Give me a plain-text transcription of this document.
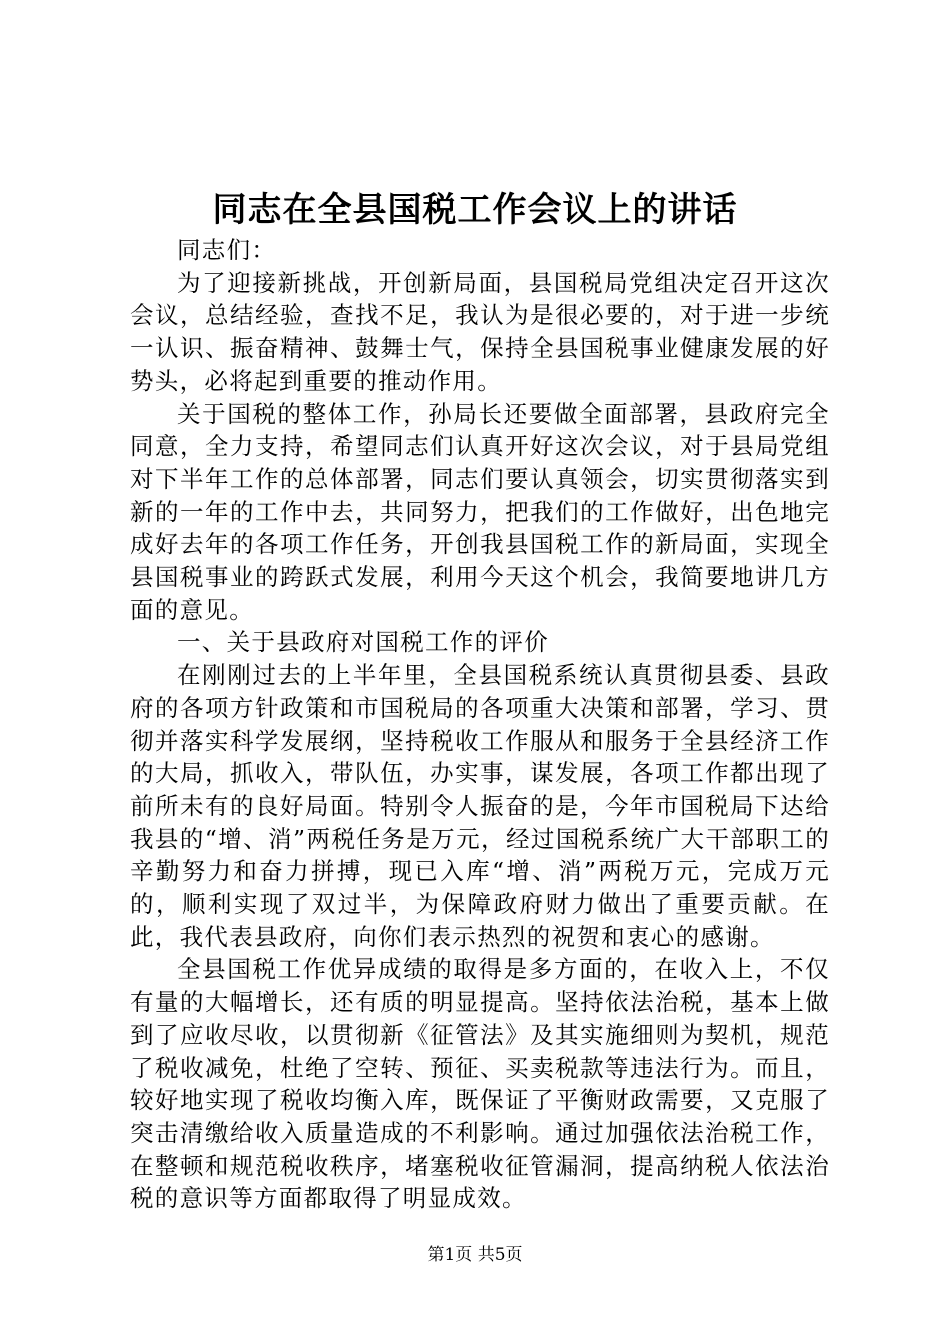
同志在全县国税工作会议上的讲话

同志们：

为了迎接新挑战，开创新局面，县国税局党组决定召开这次会议，总结经验，查找不足，我认为是很必要的，对于进一步统一认识、振奋精神、鼓舞士气，保持全县国税事业健康发展的好势头，必将起到重要的推动作用。

关于国税的整体工作，孙局长还要做全面部署，县政府完全同意，全力支持，希望同志们认真开好这次会议，对于县局党组对下半年工作的总体部署，同志们要认真领会，切实贯彻落实到新的一年的工作中去，共同努力，把我们的工作做好，出色地完成好去年的各项工作任务，开创我县国税工作的新局面，实现全县国税事业的跨跃式发展，利用今天这个机会，我简要地讲几方面的意见。

一、关于县政府对国税工作的评价

在刚刚过去的上半年里，全县国税系统认真贯彻县委、县政府的各项方针政策和市国税局的各项重大决策和部署，学习、贯彻并落实科学发展纲，坚持税收工作服从和服务于全县经济工作的大局，抓收入，带队伍，办实事，谋发展，各项工作都出现了前所未有的良好局面。特别令人振奋的是，今年市国税局下达给我县的“增、消”两税任务是万元，经过国税系统广大干部职工的辛勤努力和奋力拼搏，现已入库“增、消”两税万元，完成万元的，顺利实现了双过半，为保障政府财力做出了重要贡献。在此，我代表县政府，向你们表示热烈的祝贺和衷心的感谢。

全县国税工作优异成绩的取得是多方面的，在收入上，不仅有量的大幅增长，还有质的明显提高。坚持依法治税，基本上做到了应收尽收，以贯彻新《征管法》及其实施细则为契机，规范了税收减免，杜绝了空转、预征、买卖税款等违法行为。而且，较好地实现了税收均衡入库，既保证了平衡财政需要，又克服了突击清缴给收入质量造成的不利影响。通过加强依法治税工作，在整顿和规范税收秩序，堵塞税收征管漏洞，提高纳税人依法治税的意识等方面都取得了明显成效。

第1页 共5页
